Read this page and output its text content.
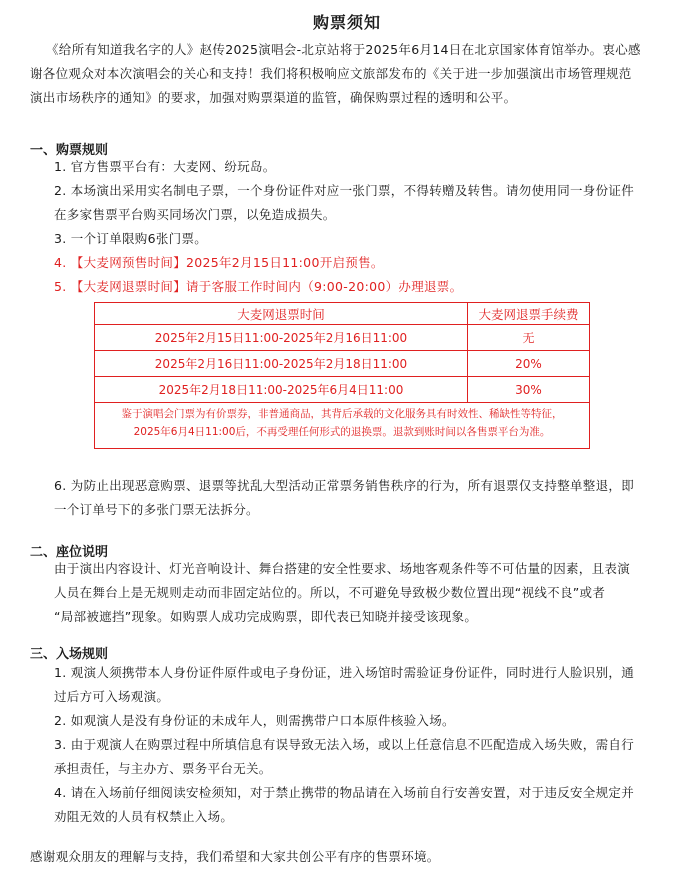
购票须知
《给所有知道我名字的人》赵传2025演唱会-北京站将于2025年6月14日在北京国家体育馆举办。衷心感
谢各位观众对本次演唱会的关心和支持！我们将积极响应文旅部发布的《关于进一步加强演出市场管理规范
演出市场秩序的通知》的要求，加强对购票渠道的监管，确保购票过程的透明和公平。
一、购票规则
1. 官方售票平台有：大麦网、纷玩岛。
2. 本场演出采用实名制电子票，一个身份证件对应一张门票，不得转赠及转售。请勿使用同一身份证件
在多家售票平台购买同场次门票，以免造成损失。
3. 一个订单限购6张门票。
4. 【大麦网预售时间】2025年2月15日11:00开启预售。
5. 【大麦网退票时间】请于客服工作时间内（9:00-20:00）办理退票。
大麦网退票时间	大麦网退票手续费
2025年2月15日11:00-2025年2月16日11:00	无
2025年2月16日11:00-2025年2月18日11:00	20%
2025年2月18日11:00-2025年6月4日11:00	30%

鉴于演唱会门票为有价票券，非普通商品，其背后承载的文化服务具有时效性、稀缺性等特征，
2025年6月4日11:00后，不再受理任何形式的退换票。退款到账时间以各售票平台为准。	
6. 为防止出现恶意购票、退票等扰乱大型活动正常票务销售秩序的行为，所有退票仅支持整单整退，即
一个订单号下的多张门票无法拆分。
二、座位说明
由于演出内容设计、灯光音响设计、舞台搭建的安全性要求、场地客观条件等不可估量的因素，且表演
人员在舞台上是无规则走动而非固定站位的。所以，不可避免导致极少数位置出现“视线不良”或者
“局部被遮挡”现象。如购票人成功完成购票，即代表已知晓并接受该现象。
三、入场规则
1. 观演人须携带本人身份证件原件或电子身份证，进入场馆时需验证身份证件，同时进行人脸识别，通
过后方可入场观演。
2. 如观演人是没有身份证的未成年人，则需携带户口本原件核验入场。
3. 由于观演人在购票过程中所填信息有误导致无法入场，或以上任意信息不匹配造成入场失败，需自行
承担责任，与主办方、票务平台无关。
4. 请在入场前仔细阅读安检须知，对于禁止携带的物品请在入场前自行安善安置，对于违反安全规定并
劝阻无效的人员有权禁止入场。
感谢观众朋友的理解与支持，我们希望和大家共创公平有序的售票环境。
